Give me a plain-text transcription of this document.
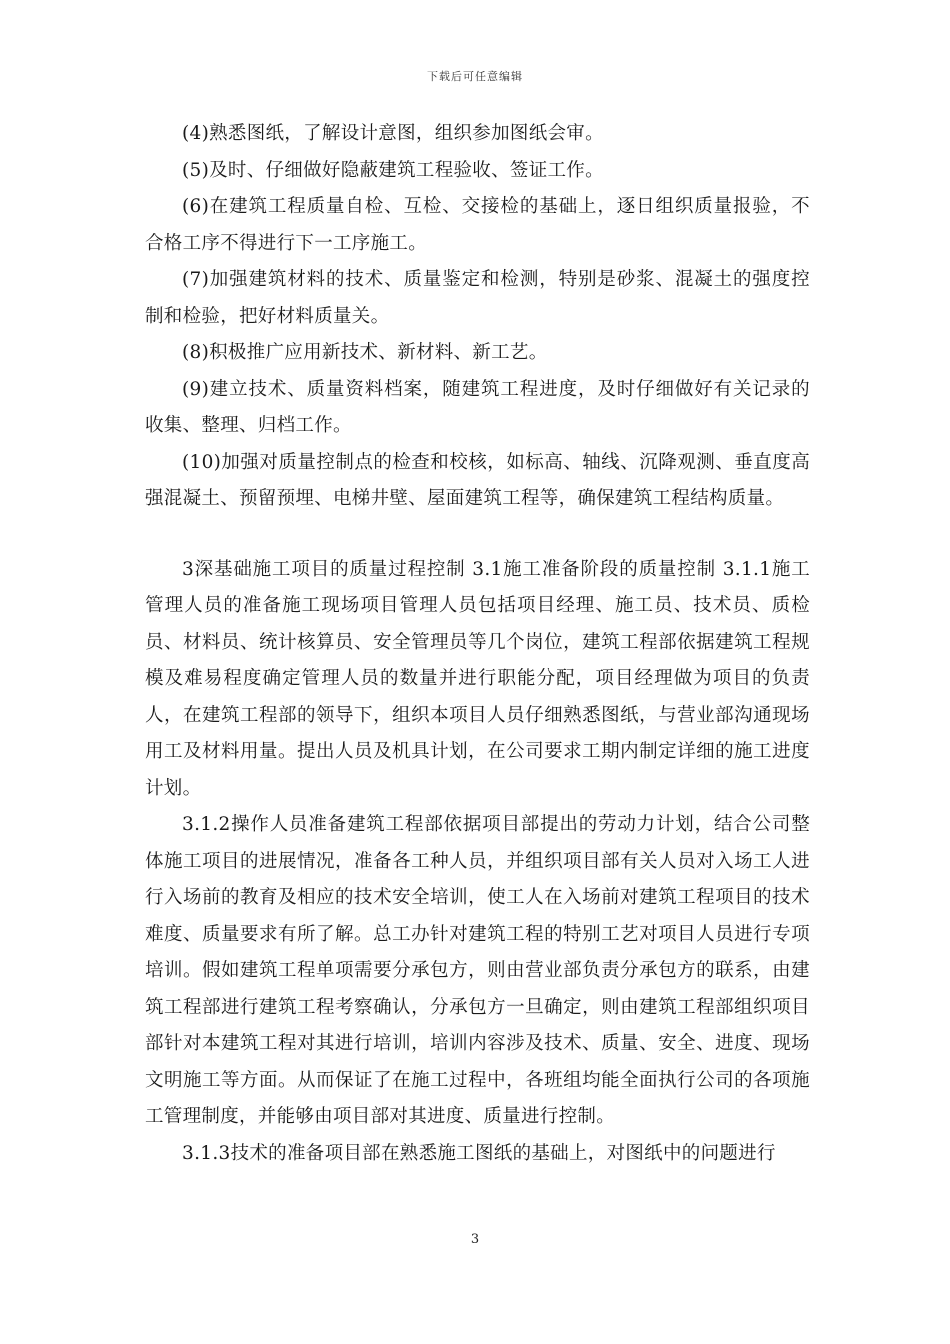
下载后可任意编辑

(4)熟悉图纸，了解设计意图，组织参加图纸会审。

(5)及时、仔细做好隐蔽建筑工程验收、签证工作。

(6)在建筑工程质量自检、互检、交接检的基础上，逐日组织质量报验，不合格工序不得进行下一工序施工。

(7)加强建筑材料的技术、质量鉴定和检测，特别是砂浆、混凝土的强度控制和检验，把好材料质量关。

(8)积极推广应用新技术、新材料、新工艺。

(9)建立技术、质量资料档案，随建筑工程进度，及时仔细做好有关记录的收集、整理、归档工作。

(10)加强对质量控制点的检查和校核，如标高、轴线、沉降观测、垂直度高强混凝土、预留预埋、电梯井壁、屋面建筑工程等，确保建筑工程结构质量。

3深基础施工项目的质量过程控制 3.1施工准备阶段的质量控制 3.1.1施工管理人员的准备施工现场项目管理人员包括项目经理、施工员、技术员、质检员、材料员、统计核算员、安全管理员等几个岗位，建筑工程部依据建筑工程规模及难易程度确定管理人员的数量并进行职能分配，项目经理做为项目的负责人，在建筑工程部的领导下，组织本项目人员仔细熟悉图纸，与营业部沟通现场用工及材料用量。提出人员及机具计划，在公司要求工期内制定详细的施工进度计划。

3.1.2操作人员准备建筑工程部依据项目部提出的劳动力计划，结合公司整体施工项目的进展情况，准备各工种人员，并组织项目部有关人员对入场工人进行入场前的教育及相应的技术安全培训，使工人在入场前对建筑工程项目的技术难度、质量要求有所了解。总工办针对建筑工程的特别工艺对项目人员进行专项培训。假如建筑工程单项需要分承包方，则由营业部负责分承包方的联系，由建筑工程部进行建筑工程考察确认，分承包方一旦确定，则由建筑工程部组织项目部针对本建筑工程对其进行培训，培训内容涉及技术、质量、安全、进度、现场文明施工等方面。从而保证了在施工过程中，各班组均能全面执行公司的各项施工管理制度，并能够由项目部对其进度、质量进行控制。

3.1.3技术的准备项目部在熟悉施工图纸的基础上，对图纸中的问题进行

3
